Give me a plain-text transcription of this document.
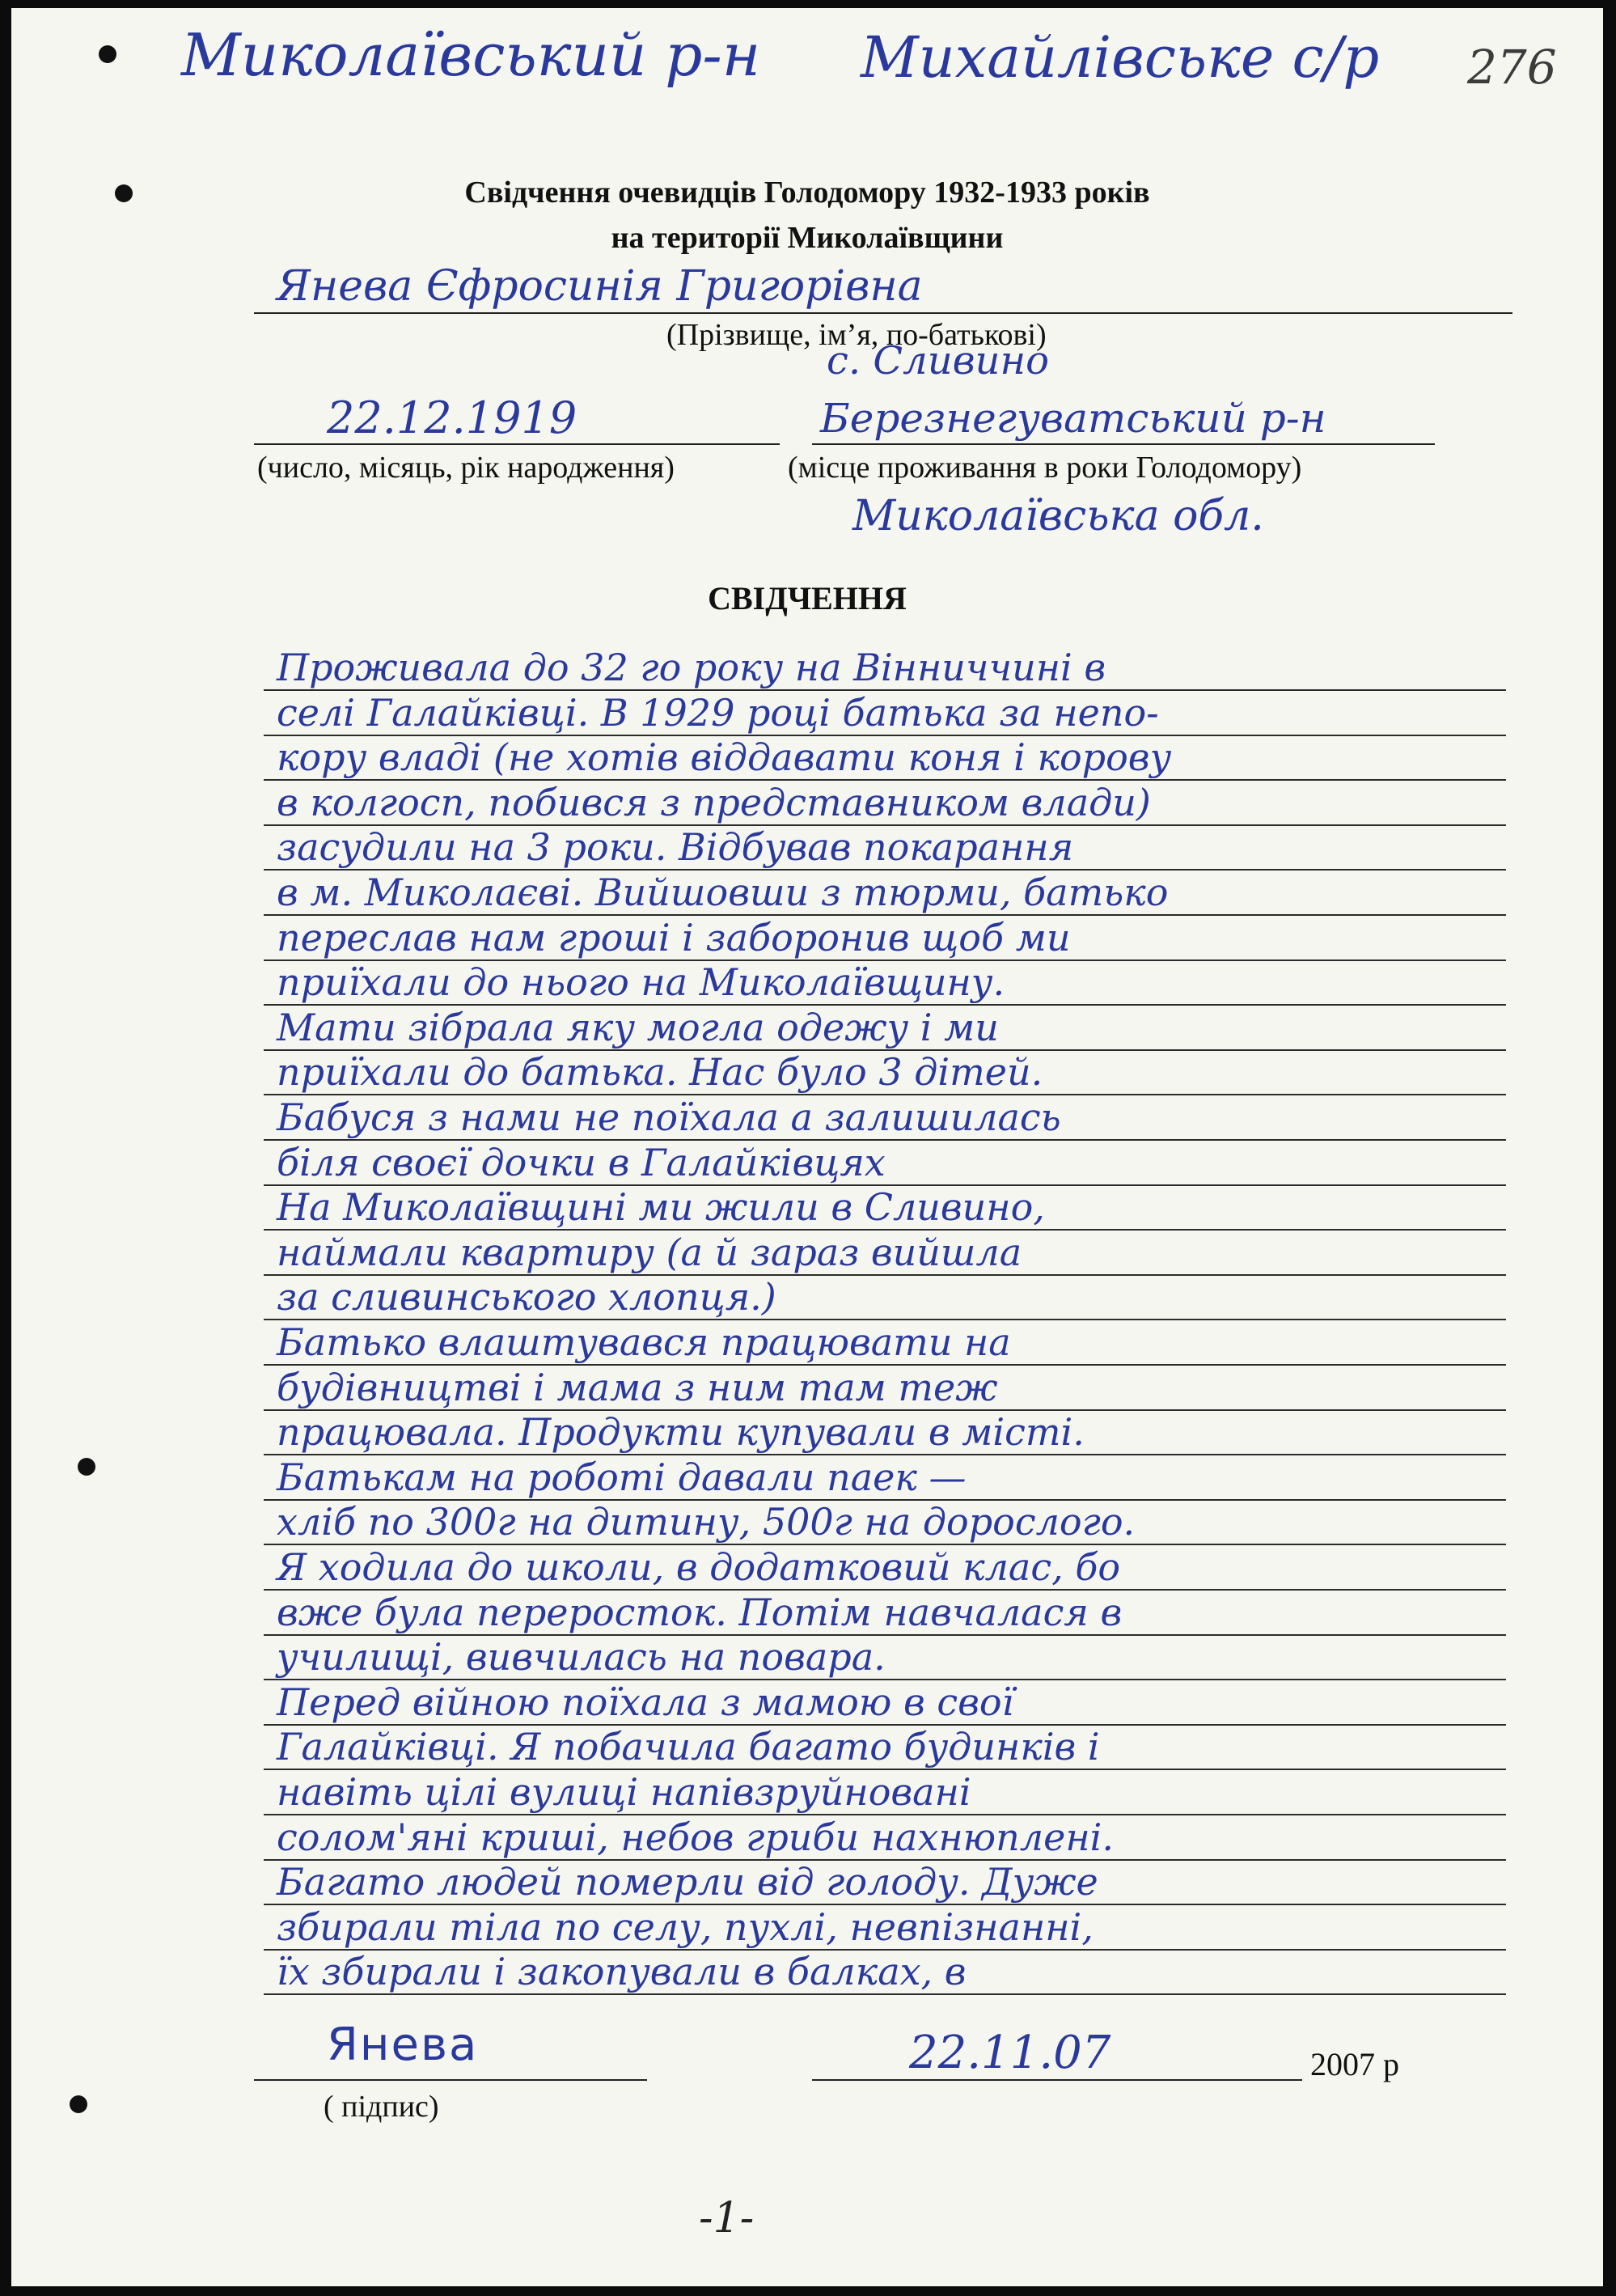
Миколаївський р-н Михайлівське с/р 276
Свідчення очевидців Голодомору 1932-1933 років
на території Миколаївщини
Янева Єфросинія Григорівна
(Прізвище, ім’я, по-батькові)
с. Сливино
22.12.1919	Березнегуватський р-н
(число, місяць, рік народження)	(місце проживання в роки Голодомору)
Миколаївська обл.
СВІДЧЕННЯ
Проживала до 32 го року на Вінниччині в
селі Галайківці. В 1929 році батька за непо-
кору владі (не хотів віддавати коня і корову
в колгосп, побився з представником влади)
засудили на 3 роки. Відбував покарання
в м. Миколаєві. Вийшовши з тюрми, батько
переслав нам гроші і заборонив щоб ми
приїхали до нього на Миколаївщину.
Мати зібрала яку могла одежу і ми
приїхали до батька. Нас було 3 дітей.
Бабуся з нами не поїхала а залишилась
біля своєї дочки в Галайківцях
На Миколаївщині ми жили в Сливино,
наймали квартиру (а й зараз вийшла
за сливинського хлопця.)
Батько влаштувався працювати на
будівництві і мама з ним там теж
працювала. Продукти купували в місті.
Батькам на роботі давали паек —
хліб по 300г на дитину, 500г на дорослого.
Я ходила до школи, в додатковий клас, бо
вже була переросток. Потім навчалася в
училищі, вивчилась на повара.
Перед війною поїхала з мамою в свої
Галайківці. Я побачила багато будинків і
навіть цілі вулиці напівзруйновані
солом'яні криші, небов гриби нахнюплені.
Багато людей померли від голоду. Дуже
збирали тіла по селу, пухлі, невпізнанні,
їх збирали і закопували в балках, в
Янева
( підпис)
22.11.07	2007 р
-1-
